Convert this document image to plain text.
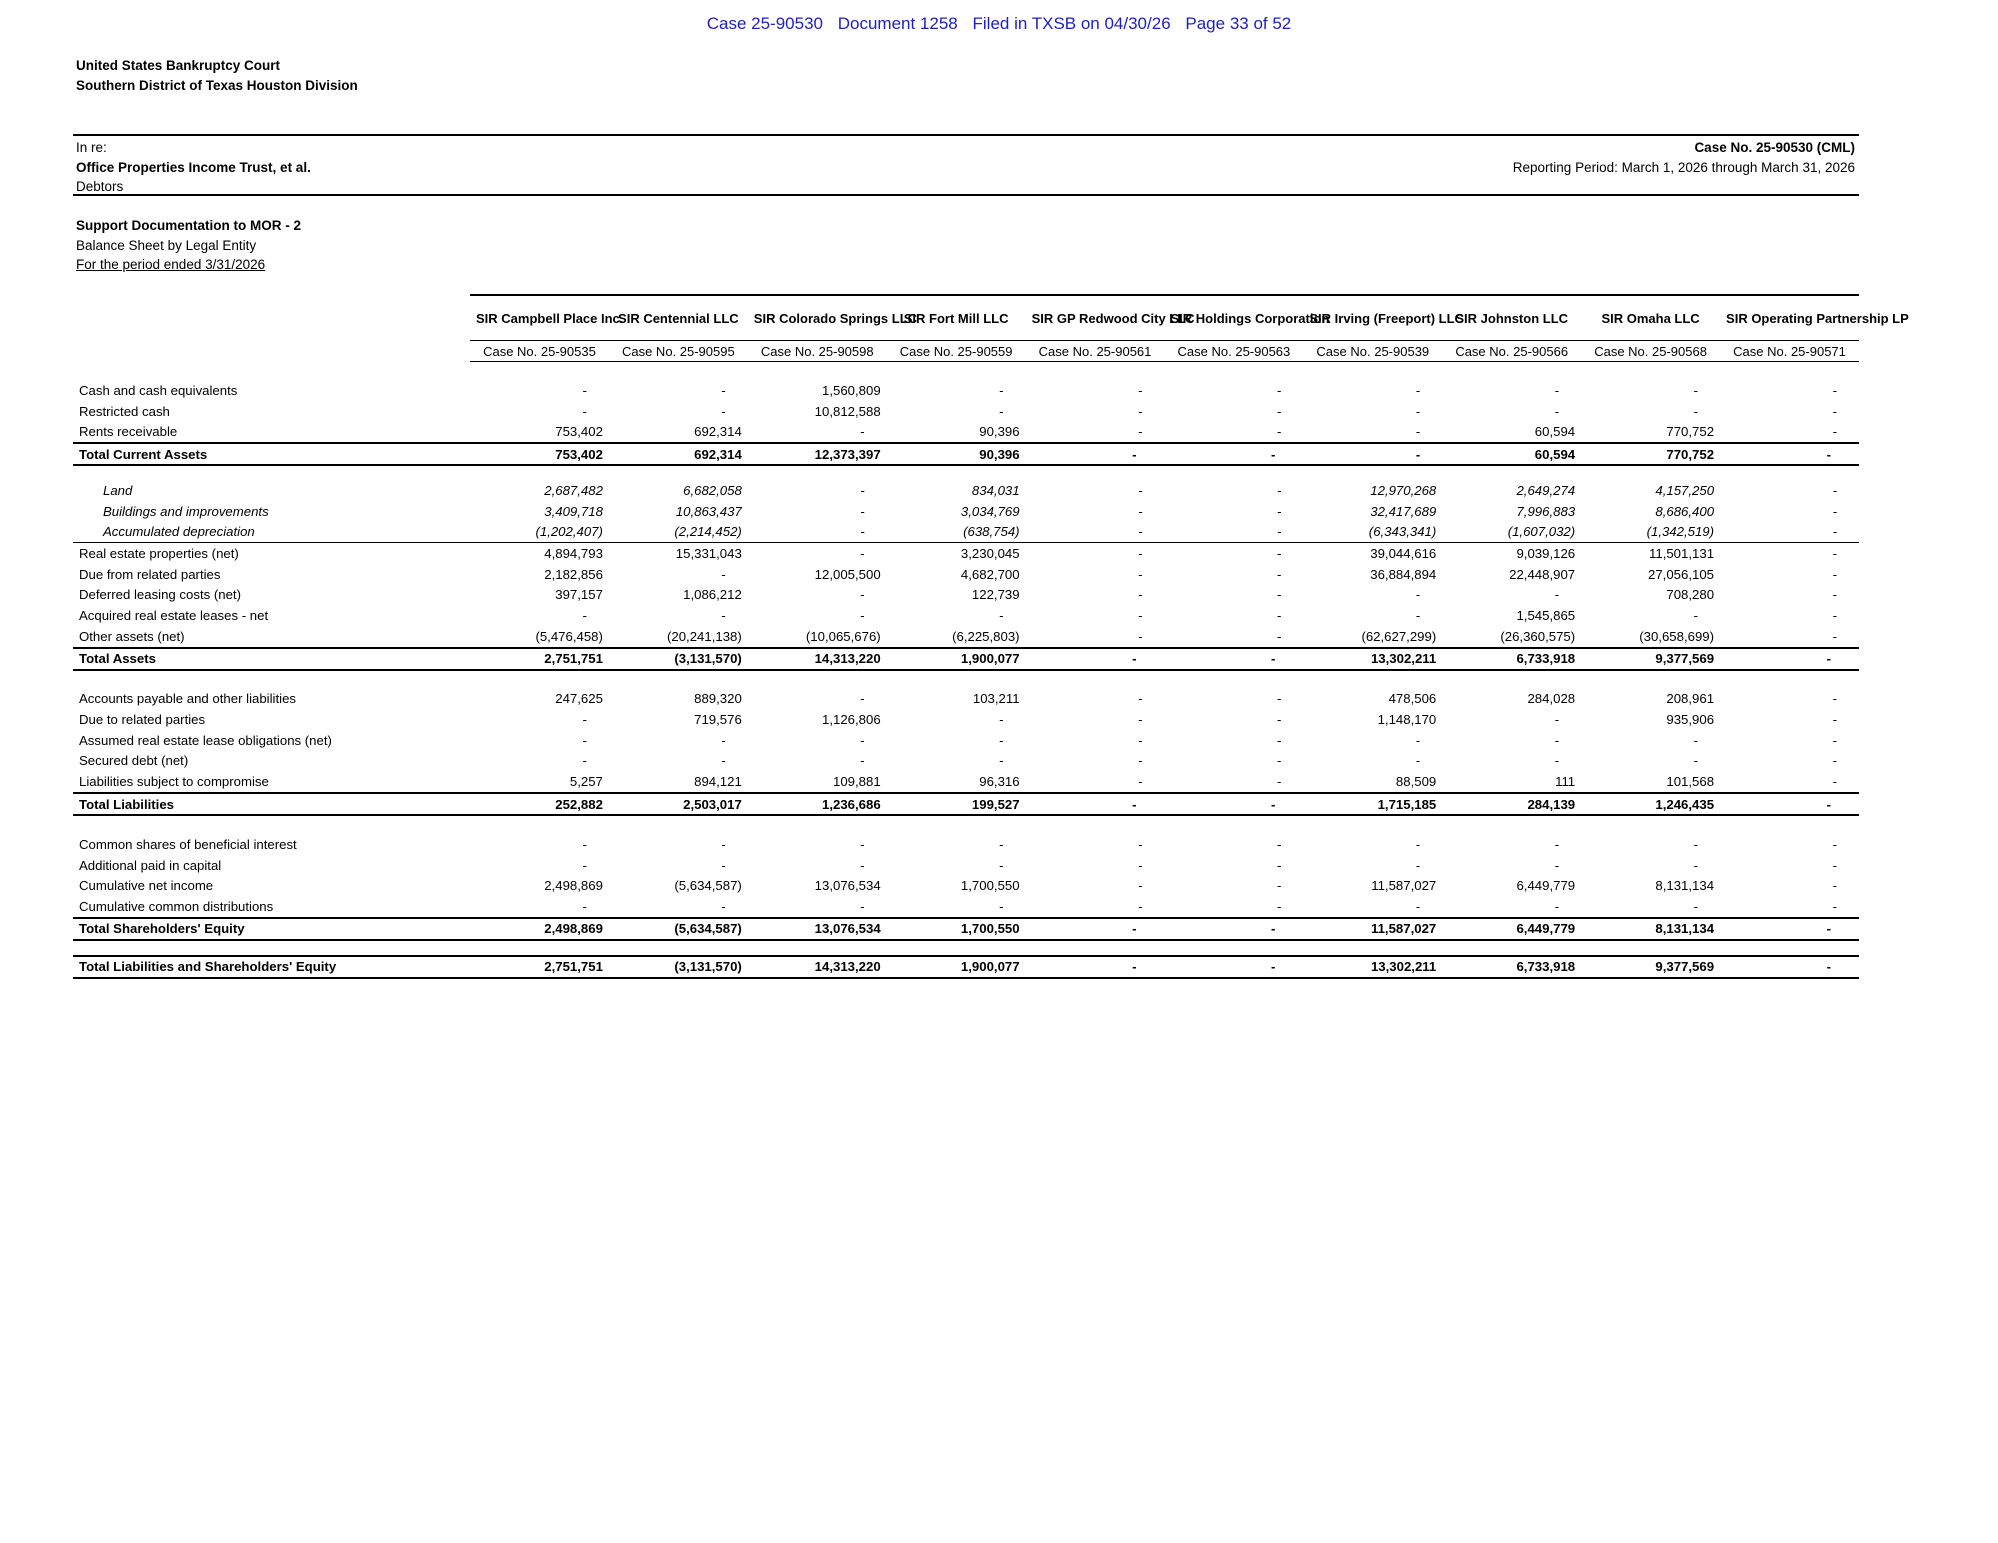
Case 25-90530 Document 1258 Filed in TXSB on 04/30/26 Page 33 of 52
United States Bankruptcy Court
Southern District of Texas Houston Division
In re:
Office Properties Income Trust, et al.
Debtors
Case No. 25-90530 (CML)
Reporting Period: March 1, 2026 through March 31, 2026
Support Documentation to MOR - 2
Balance Sheet by Legal Entity
For the period ended 3/31/2026
	SIR Campbell Place Inc.	SIR Centennial LLC	SIR Colorado Springs LLC	SIR Fort Mill LLC	SIR GP Redwood City LLC	SIR Holdings Corporation	SIR Irving (Freeport) LLC	SIR Johnston LLC	SIR Omaha LLC	SIR Operating Partnership LP
	Case No. 25-90535	Case No. 25-90595	Case No. 25-90598	Case No. 25-90559	Case No. 25-90561	Case No. 25-90563	Case No. 25-90539	Case No. 25-90566	Case No. 25-90568	Case No. 25-90571

Cash and cash equivalents	-	-	1,560,809	-	-	-	-	-	-	-
Restricted cash	-	-	10,812,588	-	-	-	-	-	-	-
Rents receivable	753,402	692,314	-	90,396	-	-	-	60,594	770,752	-
Total Current Assets	753,402	692,314	12,373,397	90,396	-	-	-	60,594	770,752	-

Land	2,687,482	6,682,058	-	834,031	-	-	12,970,268	2,649,274	4,157,250	-
Buildings and improvements	3,409,718	10,863,437	-	3,034,769	-	-	32,417,689	7,996,883	8,686,400	-
Accumulated depreciation	(1,202,407)	(2,214,452)	-	(638,754)	-	-	(6,343,341)	(1,607,032)	(1,342,519)	-
Real estate properties (net)	4,894,793	15,331,043	-	3,230,045	-	-	39,044,616	9,039,126	11,501,131	-
Due from related parties	2,182,856	-	12,005,500	4,682,700	-	-	36,884,894	22,448,907	27,056,105	-
Deferred leasing costs (net)	397,157	1,086,212	-	122,739	-	-	-	-	708,280	-
Acquired real estate leases - net	-	-	-	-	-	-	-	1,545,865	-	-
Other assets (net)	(5,476,458)	(20,241,138)	(10,065,676)	(6,225,803)	-	-	(62,627,299)	(26,360,575)	(30,658,699)	-
Total Assets	2,751,751	(3,131,570)	14,313,220	1,900,077	-	-	13,302,211	6,733,918	9,377,569	-

Accounts payable and other liabilities	247,625	889,320	-	103,211	-	-	478,506	284,028	208,961	-
Due to related parties	-	719,576	1,126,806	-	-	-	1,148,170	-	935,906	-
Assumed real estate lease obligations (net)	-	-	-	-	-	-	-	-	-	-
Secured debt (net)	-	-	-	-	-	-	-	-	-	-
Liabilities subject to compromise	5,257	894,121	109,881	96,316	-	-	88,509	111	101,568	-
Total Liabilities	252,882	2,503,017	1,236,686	199,527	-	-	1,715,185	284,139	1,246,435	-

Common shares of beneficial interest	-	-	-	-	-	-	-	-	-	-
Additional paid in capital	-	-	-	-	-	-	-	-	-	-
Cumulative net income	2,498,869	(5,634,587)	13,076,534	1,700,550	-	-	11,587,027	6,449,779	8,131,134	-
Cumulative common distributions	-	-	-	-	-	-	-	-	-	-
Total Shareholders' Equity	2,498,869	(5,634,587)	13,076,534	1,700,550	-	-	11,587,027	6,449,779	8,131,134	-

Total Liabilities and Shareholders' Equity	2,751,751	(3,131,570)	14,313,220	1,900,077	-	-	13,302,211	6,733,918	9,377,569	-
